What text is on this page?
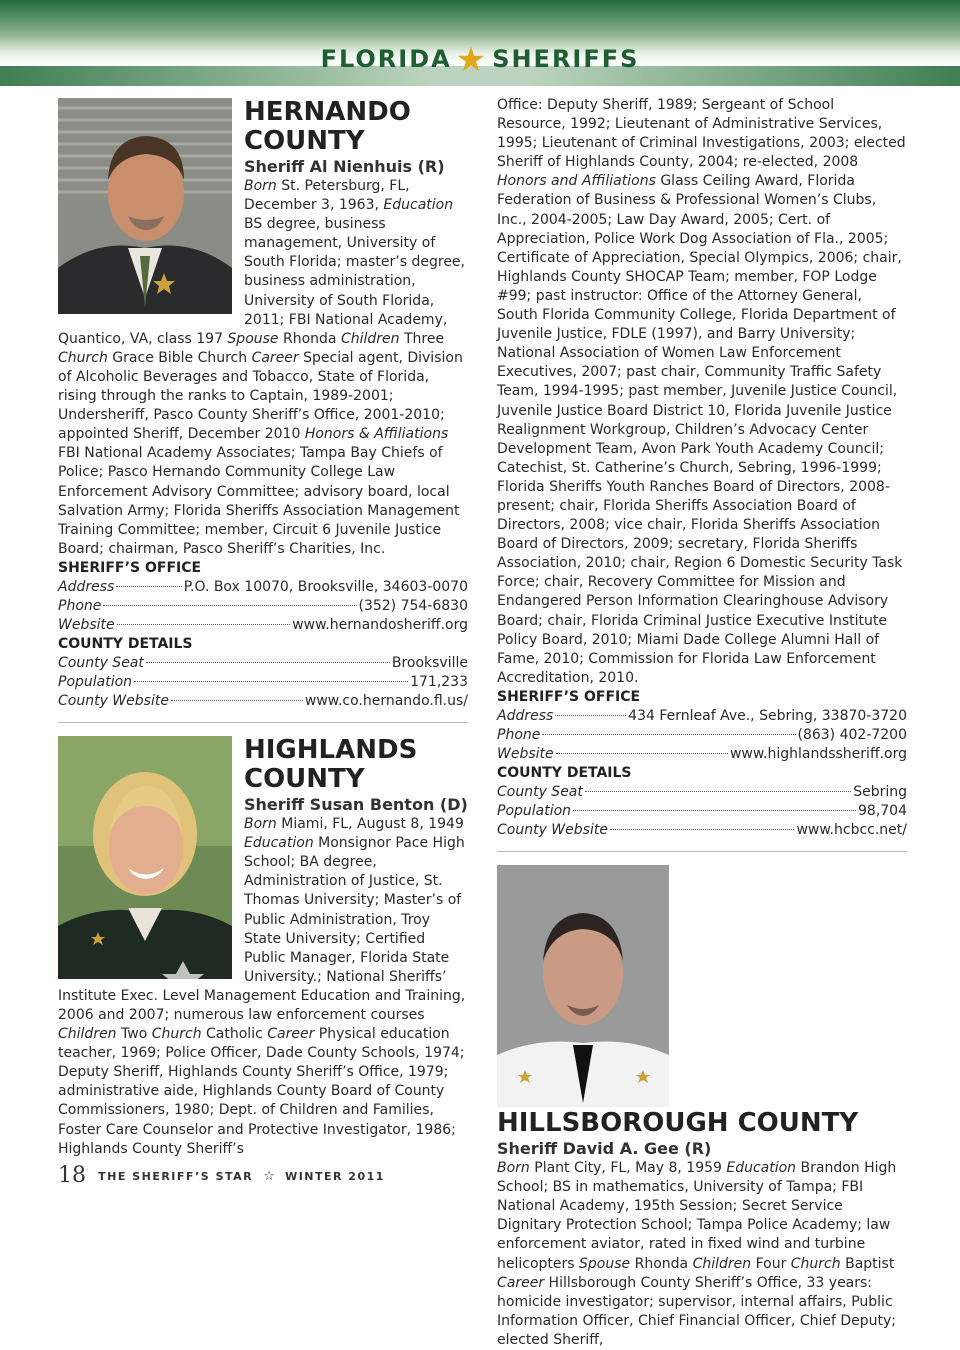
FLORIDA ★ SHERIFFS

HERNANDO COUNTY

Sheriff Al Nienhuis (R)

Born St. Petersburg, FL, December 3, 1963, Education BS degree, business management, University of South Florida; master’s degree, business administration, University of South Florida, 2011; FBI National Academy, Quantico, VA, class 197 Spouse Rhonda Children Three Church Grace Bible Church Career Special agent, Division of Alcoholic Beverages and Tobacco, State of Florida, rising through the ranks to Captain, 1989-2001; Undersheriff, Pasco County Sheriff’s Office, 2001-2010; appointed Sheriff, December 2010 Honors & Affiliations FBI National Academy Associates; Tampa Bay Chiefs of Police; Pasco Hernando Community College Law Enforcement Advisory Committee; advisory board, local Salvation Army; Florida Sheriffs Association Management Training Committee; member, Circuit 6 Juvenile Justice Board; chairman, Pasco Sheriff’s Charities, Inc.

SHERIFF’S OFFICE

Address	P.O. Box 10070, Brooksville, 34603-0070
Phone	(352) 754-6830
Website	www.hernandosheriff.org

COUNTY DETAILS

County Seat	Brooksville
Population	171,233
County Website	www.co.hernando.fl.us/

HIGHLANDS COUNTY

Sheriff Susan Benton (D)

Born Miami, FL, August 8, 1949 Education Monsignor Pace High School; BA degree, Administration of Justice, St. Thomas University; Master’s of Public Administration, Troy State University; Certified Public Manager, Florida State University.; National Sheriffs’ Institute Exec. Level Management Education and Training, 2006 and 2007; numerous law enforcement courses Children Two Church Catholic Career Physical education teacher, 1969; Police Officer, Dade County Schools, 1974; Deputy Sheriff, Highlands County Sheriff’s Office, 1979; administrative aide, Highlands County Board of County Commissioners, 1980; Dept. of Children and Families, Foster Care Counselor and Protective Investigator, 1986; Highlands County Sheriff’s

Office: Deputy Sheriff, 1989; Sergeant of School Resource, 1992; Lieutenant of Administrative Services, 1995; Lieutenant of Criminal Investigations, 2003; elected Sheriff of Highlands County, 2004; re-elected, 2008 Honors and Affiliations Glass Ceiling Award, Florida Federation of Business & Professional Women’s Clubs, Inc., 2004-2005; Law Day Award, 2005; Cert. of Appreciation, Police Work Dog Association of Fla., 2005; Certificate of Appreciation, Special Olympics, 2006; chair, Highlands County SHOCAP Team; member, FOP Lodge #99; past instructor: Office of the Attorney General, South Florida Community College, Florida Department of Juvenile Justice, FDLE (1997), and Barry University; National Association of Women Law Enforcement Executives, 2007; past chair, Community Traffic Safety Team, 1994-1995; past member, Juvenile Justice Council, Juvenile Justice Board District 10, Florida Juvenile Justice Realignment Workgroup, Children’s Advocacy Center Development Team, Avon Park Youth Academy Council; Catechist, St. Catherine’s Church, Sebring, 1996-1999; Florida Sheriffs Youth Ranches Board of Directors, 2008-present; chair, Florida Sheriffs Association Board of Directors, 2008; vice chair, Florida Sheriffs Association Board of Directors, 2009; secretary, Florida Sheriffs Association, 2010; chair, Region 6 Domestic Security Task Force; chair, Recovery Committee for Mission and Endangered Person Information Clearinghouse Advisory Board; chair, Florida Criminal Justice Executive Institute Policy Board, 2010; Miami Dade College Alumni Hall of Fame, 2010; Commission for Florida Law Enforcement Accreditation, 2010.

SHERIFF’S OFFICE

Address	434 Fernleaf Ave., Sebring, 33870-3720
Phone	(863) 402-7200
Website	www.highlandssheriff.org

COUNTY DETAILS

County Seat	Sebring
Population	98,704
County Website	www.hcbcc.net/

HILLSBOROUGH COUNTY

Sheriff David A. Gee (R)

Born Plant City, FL, May 8, 1959 Education Brandon High School; BS in mathematics, University of Tampa; FBI National Academy, 195th Session; Secret Service Dignitary Protection School; Tampa Police Academy; law enforcement aviator, rated in fixed wind and turbine helicopters Spouse Rhonda Children Four Church Baptist Career Hillsborough County Sheriff’s Office, 33 years: homicide investigator; supervisor, internal affairs, Public Information Officer, Chief Financial Officer, Chief Deputy; elected Sheriff,

18 THE SHERIFF’S STAR ☆ WINTER 2011
